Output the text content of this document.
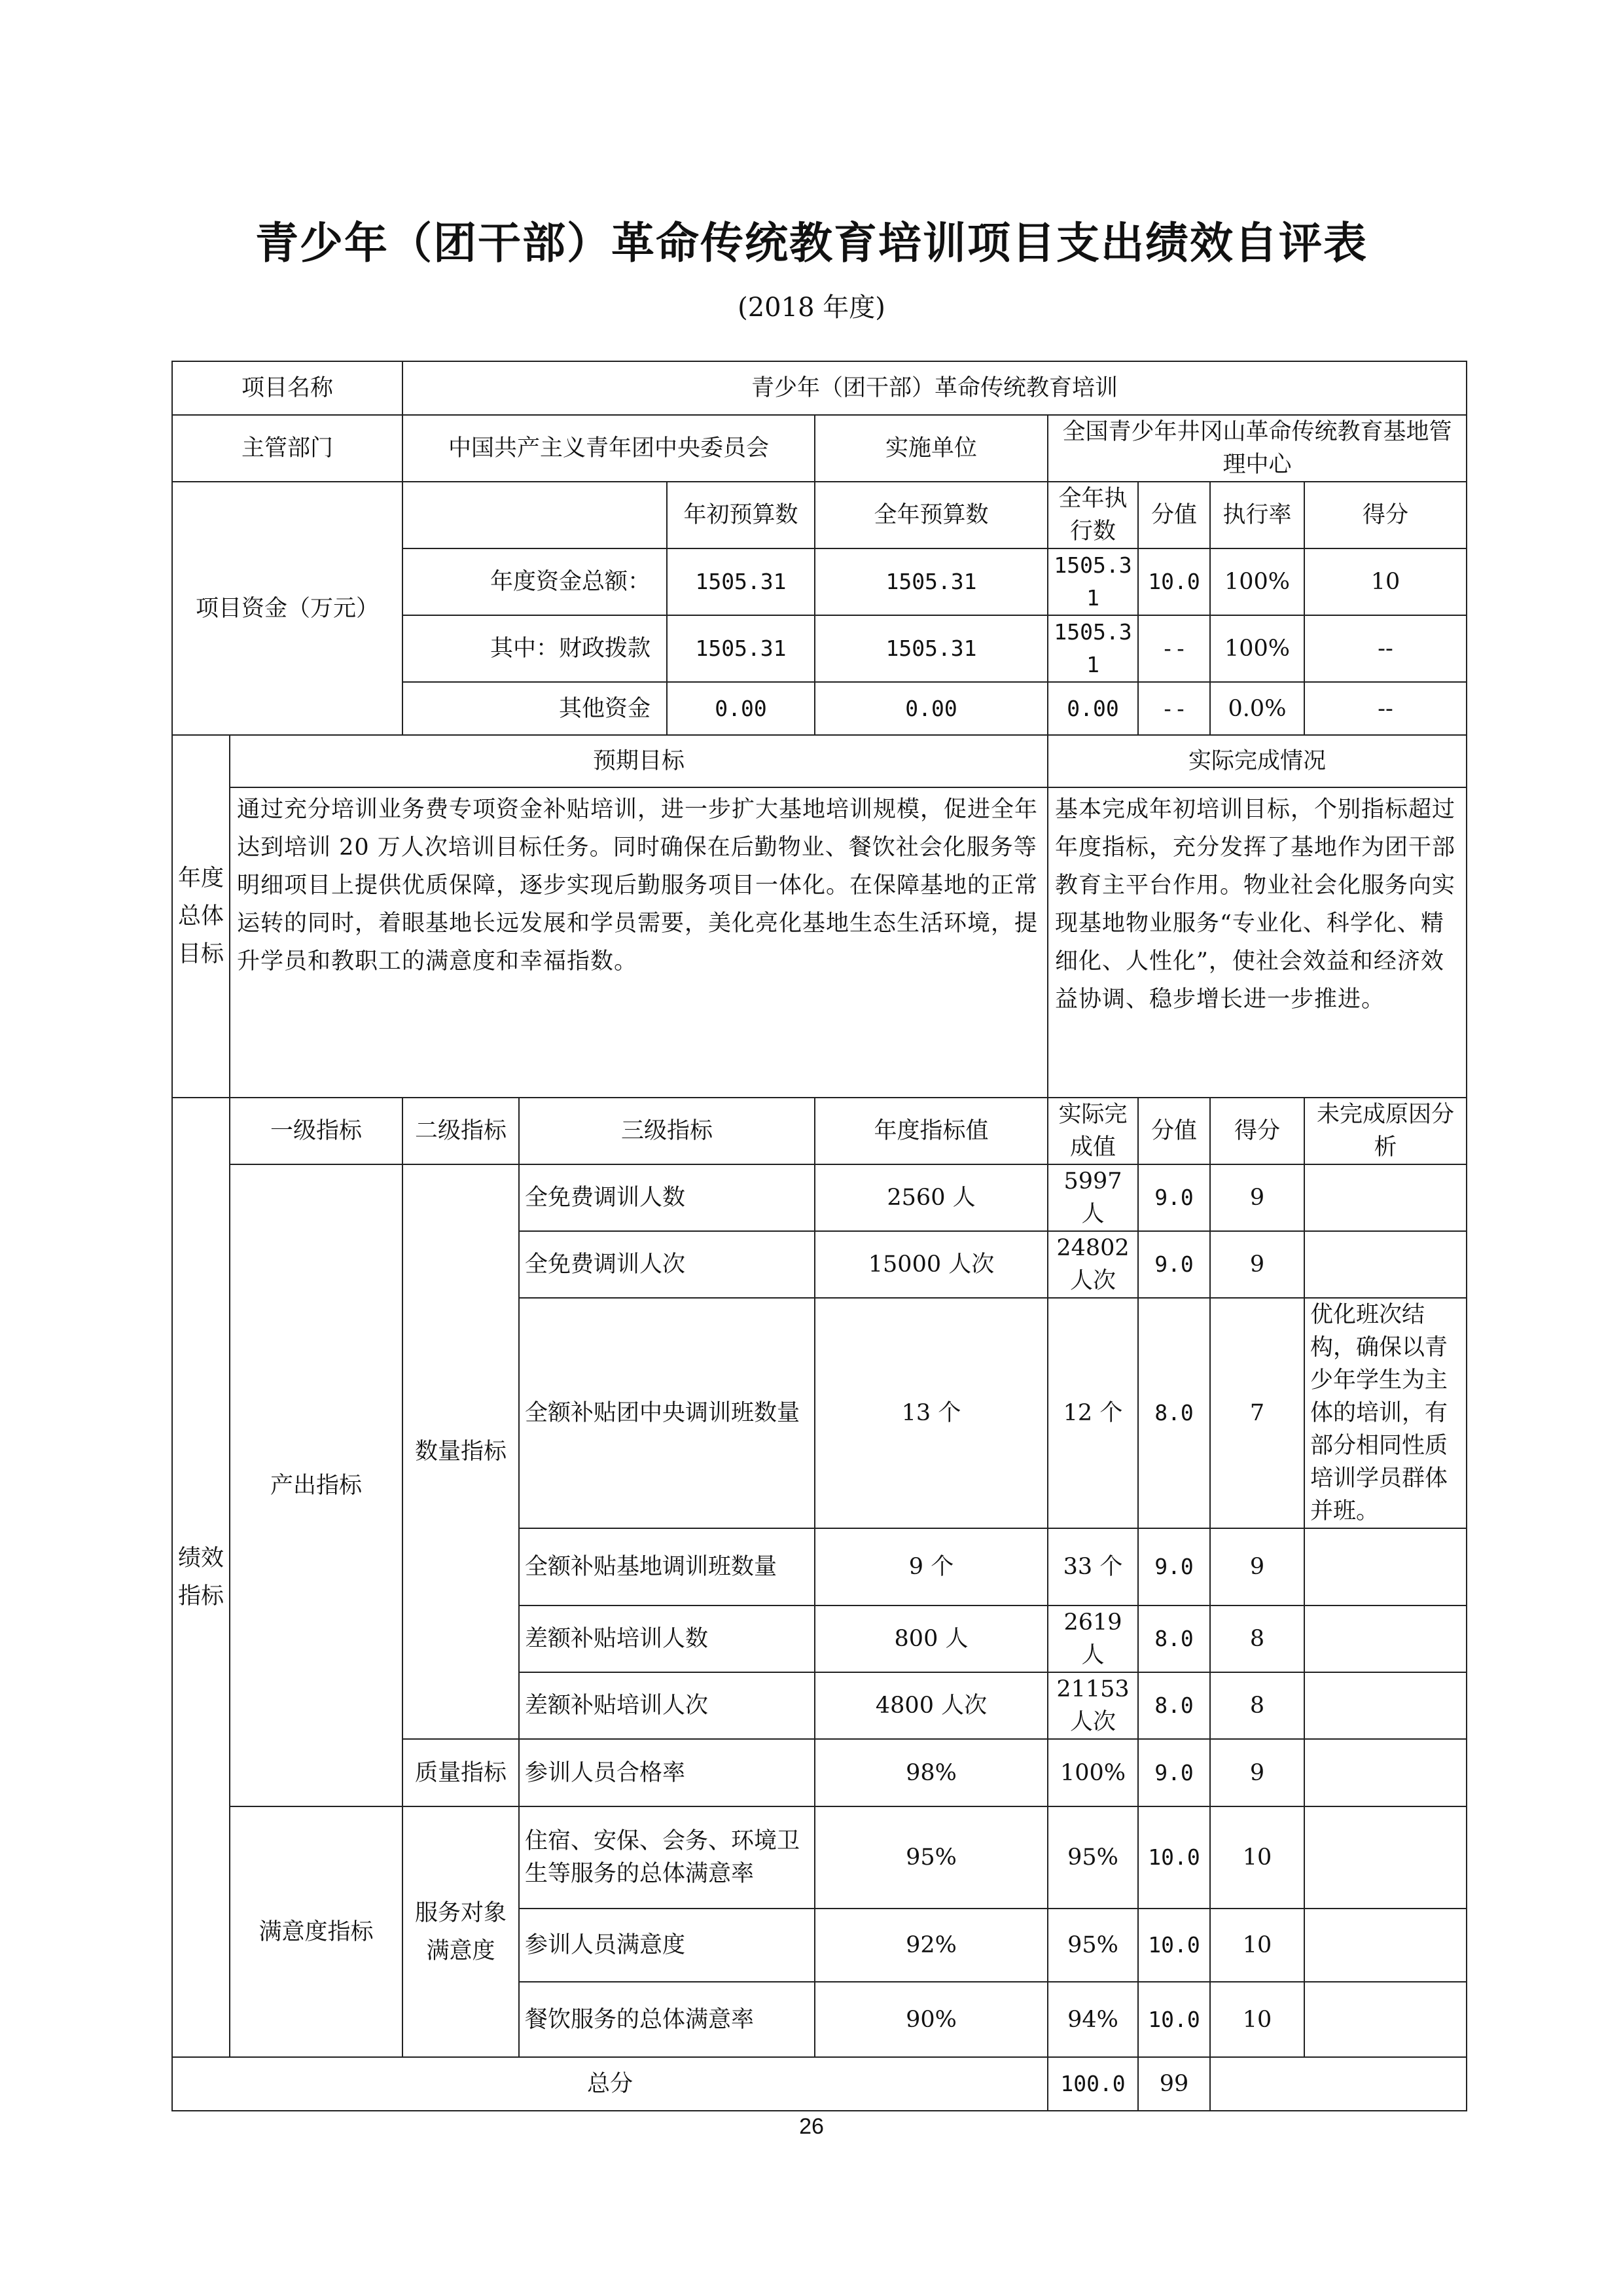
青少年（团干部）革命传统教育培训项目支出绩效自评表
(2018 年度)
项目名称		青少年（团干部）革命传统教育培训							
主管部门		中国共产主义青年团中央委员会			实施单位	全国青少年井冈山革命传统教育基地管理中心			
项目资金（万元）				年初预算数	全年预算数	全年执行数	分值	执行率	得分
		年度资金总额：		1505.31	1505.31	1505.31	10.0	100%	10
		其中：财政拨款		1505.31	1505.31	1505.31	--	100%	--
		其他资金		0.00	0.00	0.00	--	0.0%	--
年度总体目标	预期目标					实际完成情况			
	通过充分培训业务费专项资金补贴培训，进一步扩大基地培训规模，促进全年达到培训 20 万人次培训目标任务。同时确保在后勤物业、餐饮社会化服务等明细项目上提供优质保障，逐步实现后勤服务项目一体化。在保障基地的正常运转的同时，着眼基地长远发展和学员需要，美化亮化基地生态生活环境，提升学员和教职工的满意度和幸福指数。					基本完成年初培训目标，个别指标超过年度指标，充分发挥了基地作为团干部教育主平台作用。物业社会化服务向实现基地物业服务“专业化、科学化、精细化、人性化”，使社会效益和经济效益协调、稳步增长进一步推进。			
绩效指标	一级指标	二级指标	三级指标		年度指标值	实际完成值	分值	得分	未完成原因分析
	产出指标	数量指标	全免费调训人数		2560 人	5997 人	9.0	9	
			全免费调训人次		15000 人次	24802 人次	9.0	9	
			全额补贴团中央调训班数量		13 个	12 个	8.0	7	优化班次结构，确保以青少年学生为主体的培训，有部分相同性质培训学员群体并班。
			全额补贴基地调训班数量		9 个	33 个	9.0	9	
			差额补贴培训人数		800 人	2619 人	8.0	8	
			差额补贴培训人次		4800 人次	21153 人次	8.0	8	
		质量指标	参训人员合格率		98%	100%	9.0	9	
	满意度指标	服务对象满意度	住宿、安保、会务、环境卫生等服务的总体满意率		95%	95%	10.0	10	
			参训人员满意度		92%	95%	10.0	10	
			餐饮服务的总体满意率		90%	94%	10.0	10	
总分						100.0	99		
26
